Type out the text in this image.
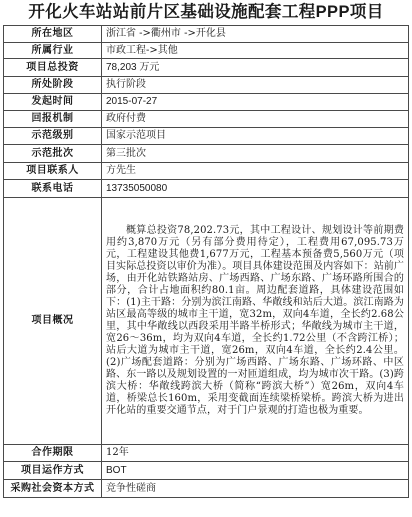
开化火车站站前片区基础设施配套工程PPP项目
所在地区	浙江省 ->衢州市 ->开化县
所属行业	市政工程->其他
项目总投资	78,203 万元
所处阶段	执行阶段
发起时间	2015-07-27
回报机制	政府付费
示范级别	国家示范项目
示范批次	第三批次
项目联系人	方先生
联系电话	13735050080
项目概况	概算总投资78,202.73元，其中工程设计、规划设计等前期费用约3,870万元（另有部分费用待定），工程费用67,095.73万元，工程建设其他费1,677万元，工程基本预备费5,560万元（项目实际总投资以审价为准）。项目具体建设范围及内容如下：站前广场，由开化站铁路站房、广场西路、广场东路、广场环路所围合的部分，合计占地面积约80.1亩。周边配套道路，具体建设范围如下：(1)主干路：分别为滨江南路、华敞线和站后大道。滨江南路为站区最高等级的城市主干道，宽32m，双向4车道，全长约2.68公里，其中华敞线以西段采用半路半桥形式；华敞线为城市主干道，宽26～36m，均为双向4车道，全长约1.72公里（不含跨江桥）；站后大道为城市主干道，宽26m，双向4车道，全长约2.4公里。(2)广场配套道路：分别为广场西路、广场东路、广场环路、中区路、东一路以及规划设置的一对匝道组成，均为城市次干路。(3)跨滨大桥：华敞线跨滨大桥（简称“跨滨大桥”）宽26m，双向4车道，桥梁总长160m，采用变截面连续梁桥梁桥。跨滨大桥为进出开化站的重要交通节点，对于门户景观的打造也极为重要。
合作期限	12年
项目运作方式	BOT
采购社会资本方式	竞争性磋商
